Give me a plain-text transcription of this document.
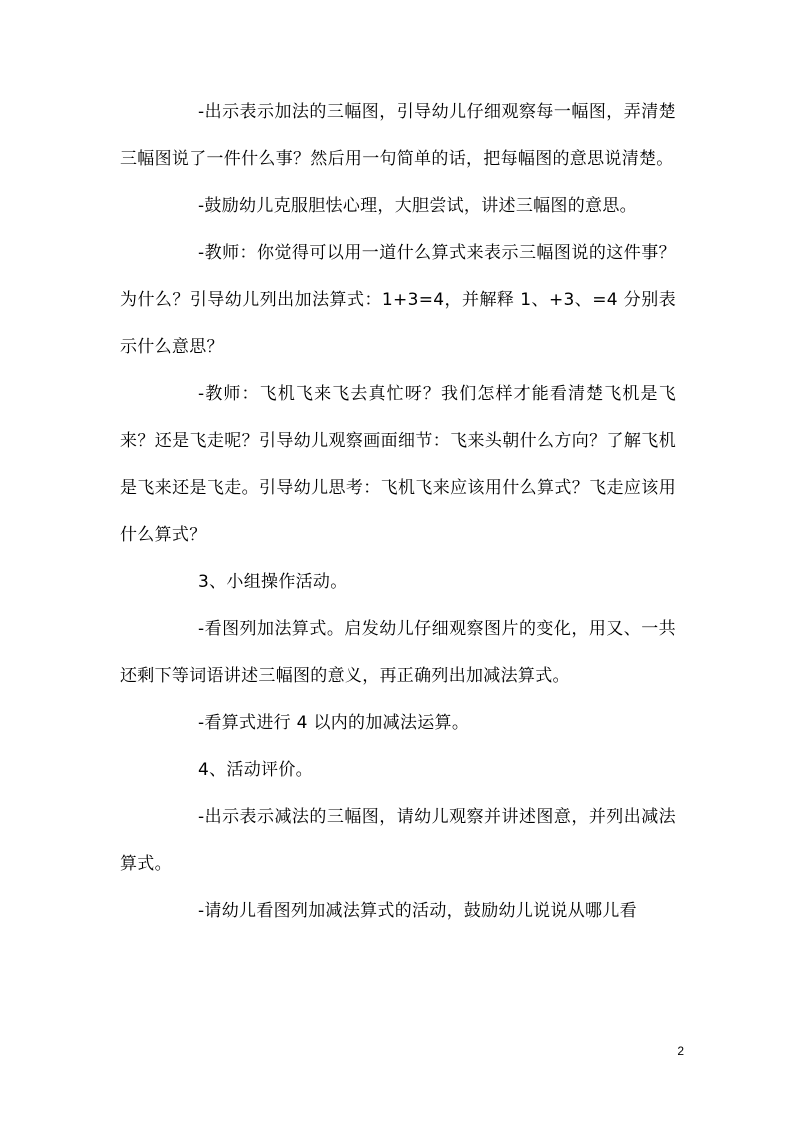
-出示表示加法的三幅图，引导幼儿仔细观察每一幅图，弄清楚三幅图说了一件什么事？然后用一句简单的话，把每幅图的意思说清楚。

-鼓励幼儿克服胆怯心理，大胆尝试，讲述三幅图的意思。

-教师：你觉得可以用一道什么算式来表示三幅图说的这件事？为什么？引导幼儿列出加法算式：1+3=4，并解释 1、+3、=4 分别表示什么意思？

-教师：飞机飞来飞去真忙呀？我们怎样才能看清楚飞机是飞来？还是飞走呢？引导幼儿观察画面细节：飞来头朝什么方向？了解飞机是飞来还是飞走。引导幼儿思考：飞机飞来应该用什么算式？飞走应该用什么算式？

3、小组操作活动。

-看图列加法算式。启发幼儿仔细观察图片的变化，用又、一共还剩下等词语讲述三幅图的意义，再正确列出加减法算式。

-看算式进行 4 以内的加减法运算。

4、活动评价。

-出示表示减法的三幅图，请幼儿观察并讲述图意，并列出减法算式。

-请幼儿看图列加减法算式的活动，鼓励幼儿说说从哪儿看

2
